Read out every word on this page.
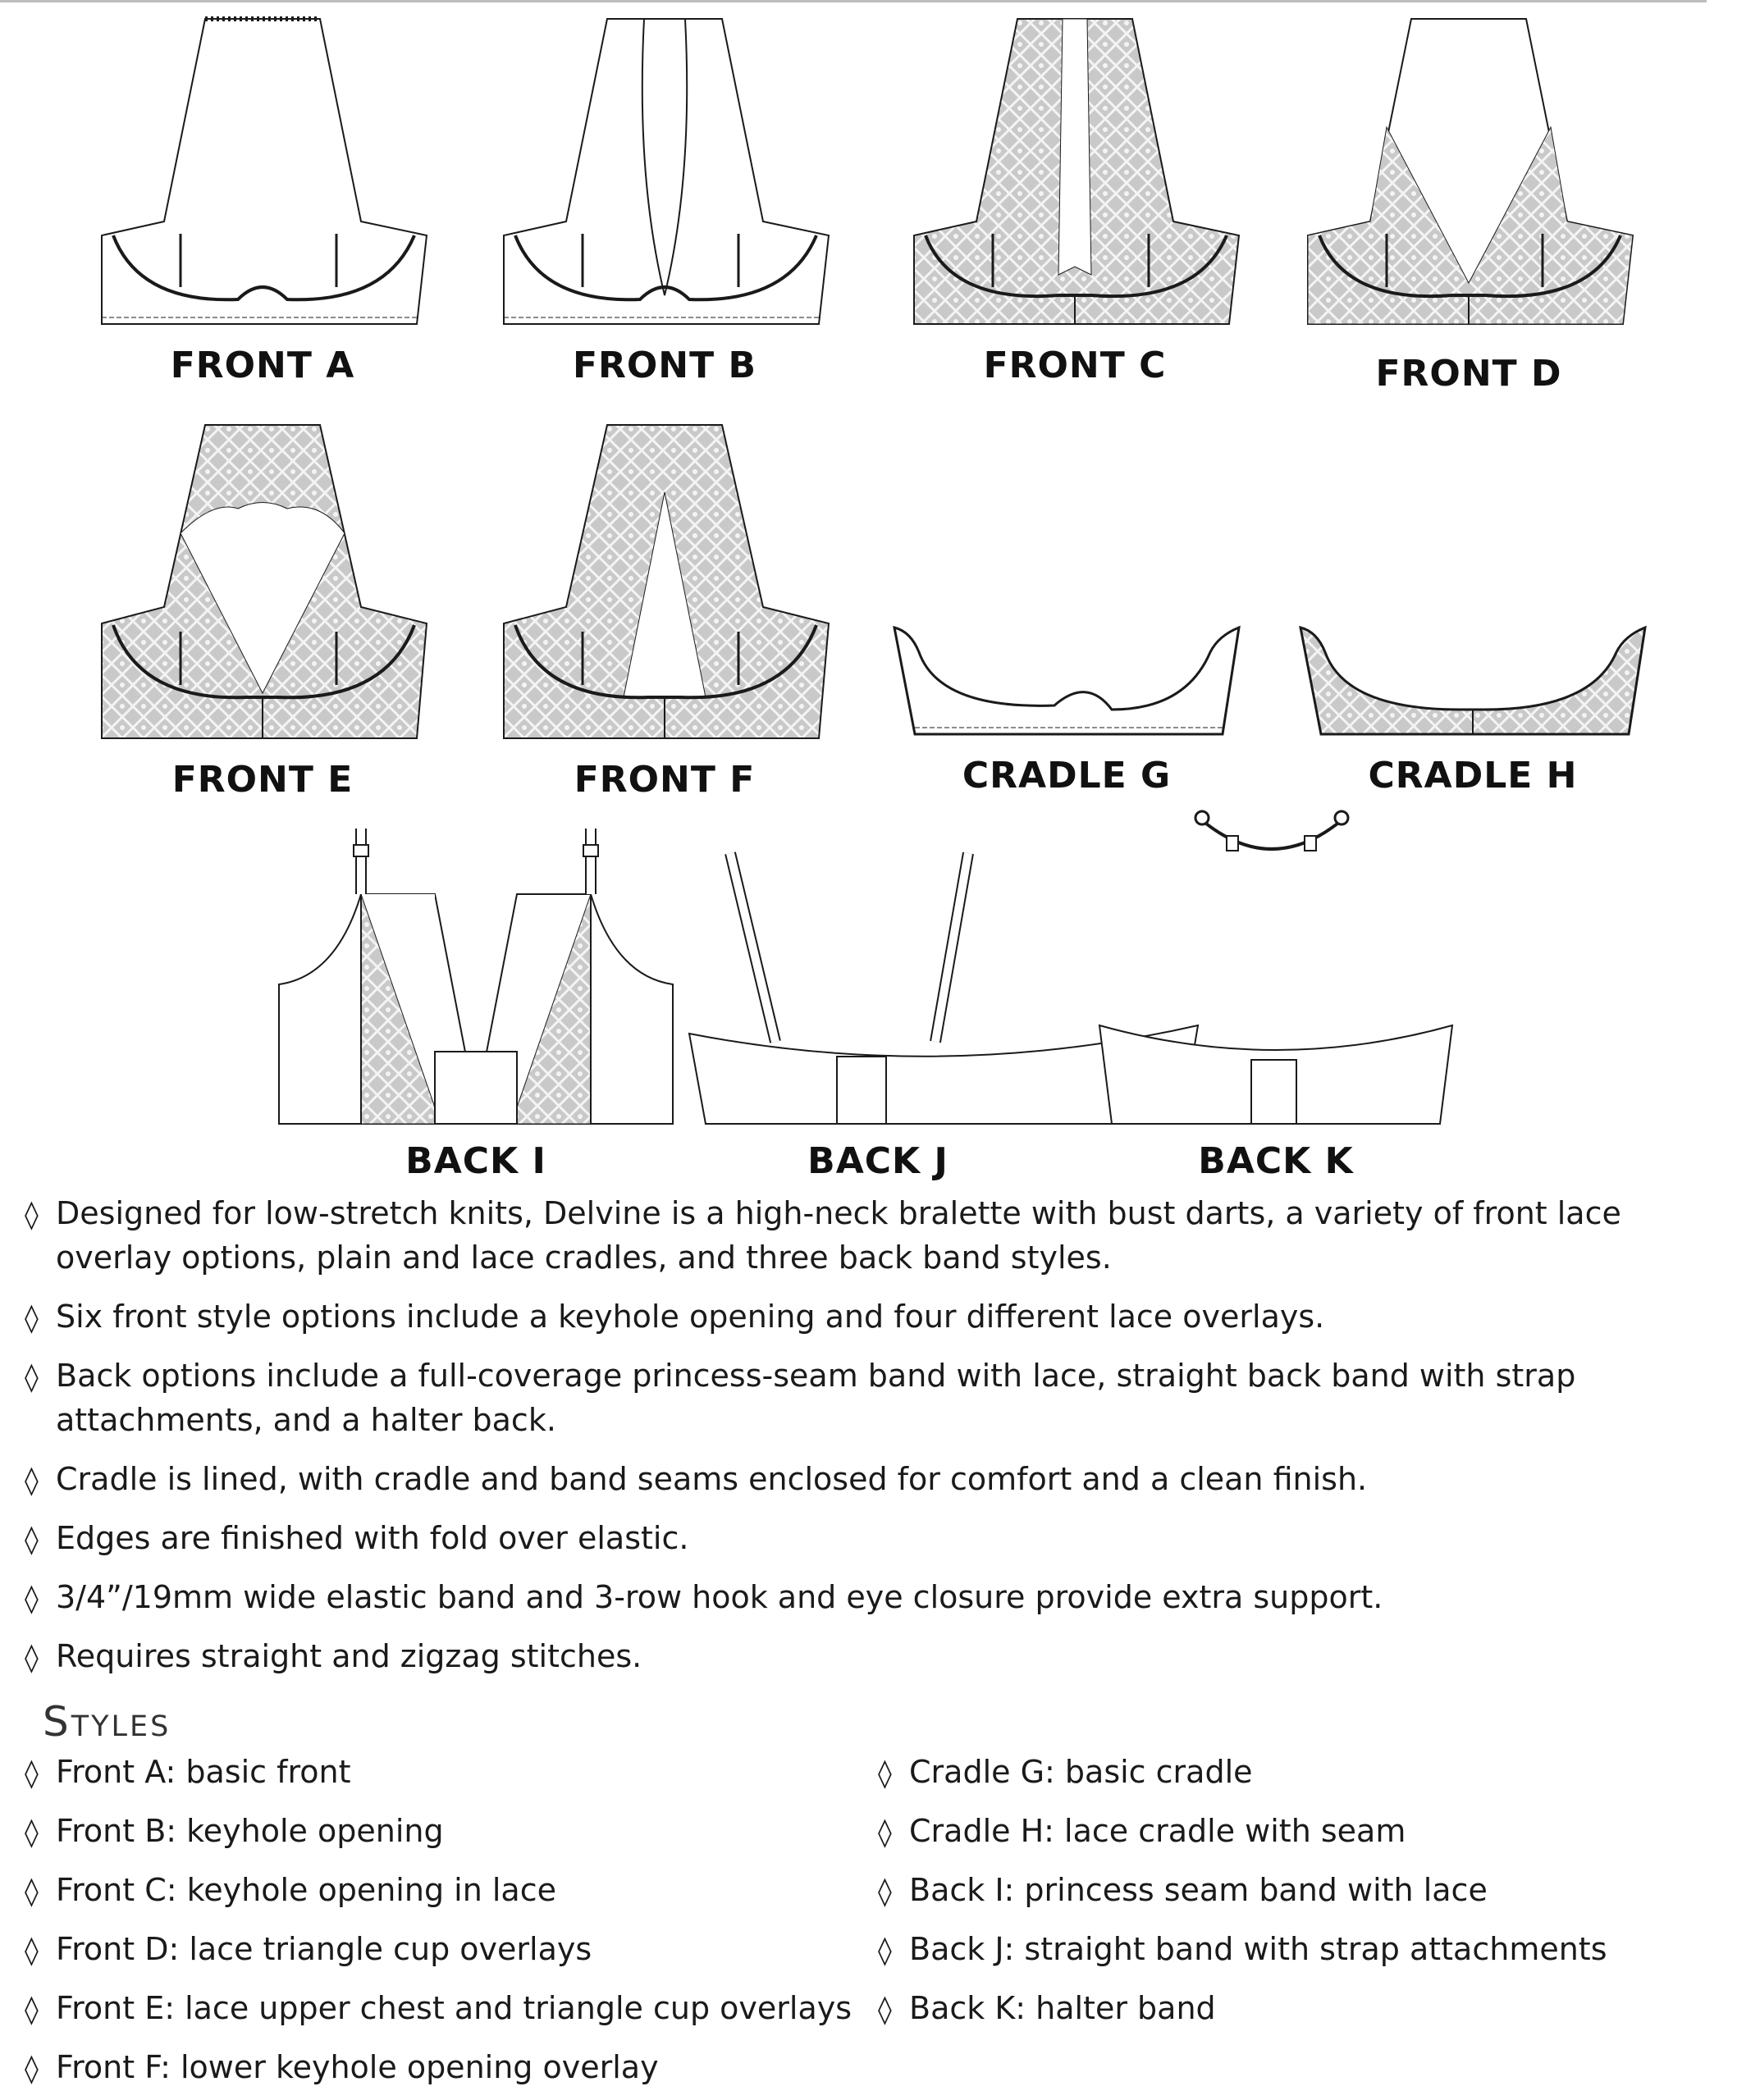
FRONT A	FRONT B	FRONT C	FRONT D
FRONT E	FRONT F	CRADLE G	CRADLE H
BACK I	BACK J	BACK K
◊ Designed for low-stretch knits, Delvine is a high-neck bralette with bust darts, a variety of front lace overlay options, plain and lace cradles, and three back band styles.
◊ Six front style options include a keyhole opening and four different lace overlays.
◊ Back options include a full-coverage princess-seam band with lace, straight back band with strap attachments, and a halter back.
◊ Cradle is lined, with cradle and band seams enclosed for comfort and a clean finish.
◊ Edges are finished with fold over elastic.
◊ 3/4”/19mm wide elastic band and 3-row hook and eye closure provide extra support.
◊ Requires straight and zigzag stitches.
Styles
◊ Front A: basic front
◊ Front B: keyhole opening
◊ Front C: keyhole opening in lace
◊ Front D: lace triangle cup overlays
◊ Front E: lace upper chest and triangle cup overlays
◊ Front F: lower keyhole opening overlay
◊ Cradle G: basic cradle
◊ Cradle H: lace cradle with seam
◊ Back I: princess seam band with lace
◊ Back J: straight band with strap attachments
◊ Back K: halter band
